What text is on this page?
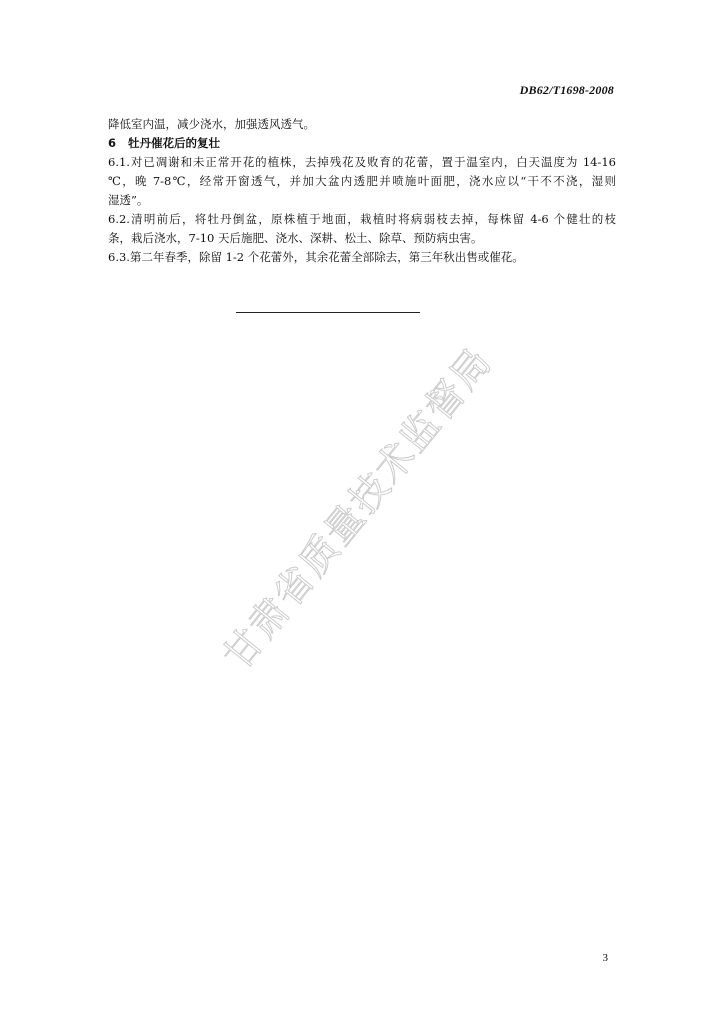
DB62/T1698-2008
甘肃省质量技术监督局
降低室内温，减少浇水，加强透风透气。
6 牡丹催花后的复壮
6.1.对已凋谢和未正常开花的植株，去掉残花及败育的花蕾，置于温室内，白天温度为 14-16
℃，晚 7-8℃，经常开窗透气，并加大盆内透肥并喷施叶面肥，浇水应以“干不不浇，湿则
湿透”。
6.2.清明前后，将牡丹倒盆，原株植于地面，栽植时将病弱枝去掉，每株留 4-6 个健壮的枝
条，栽后浇水，7-10 天后施肥、浇水、深耕、松土、除草、预防病虫害。
6.3.第二年春季，除留 1-2 个花蕾外，其余花蕾全部除去，第三年秋出售或催花。
3
